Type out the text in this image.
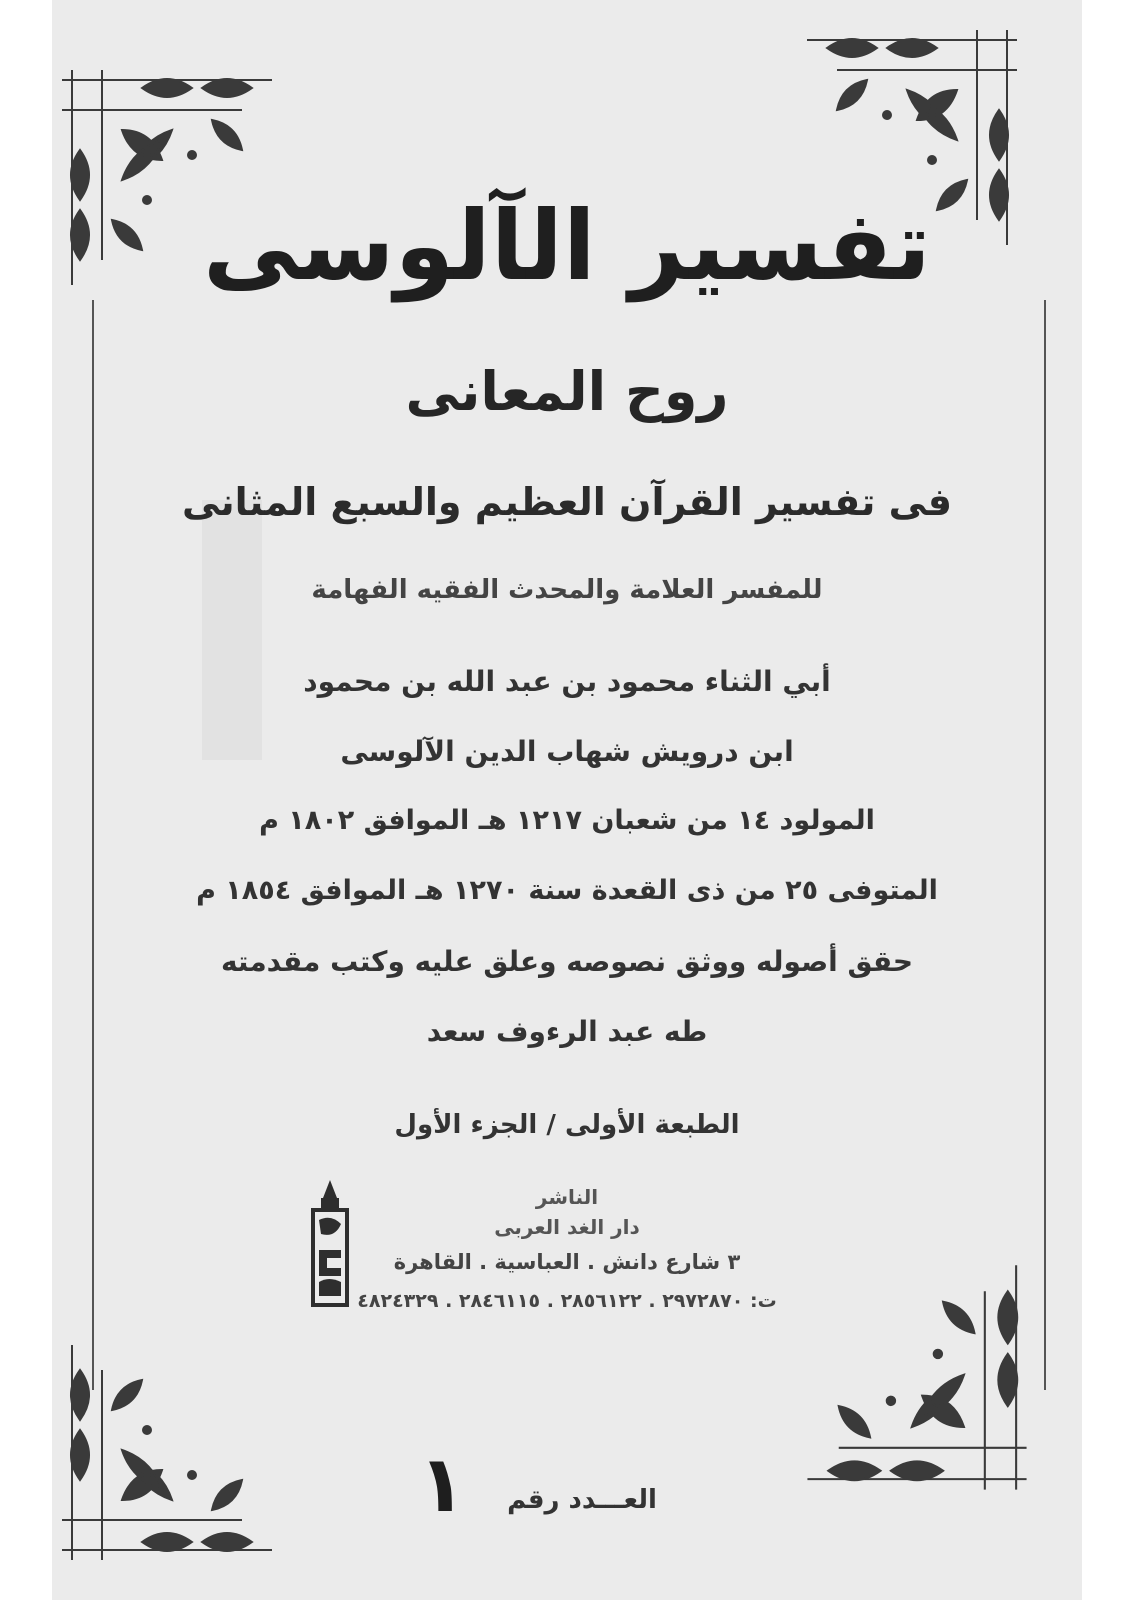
تفسير الآلوسى
روح المعانى
فى تفسير القرآن العظيم والسبع المثانى
للمفسر العلامة والمحدث الفقيه الفهامة
أبي الثناء محمود بن عبد الله بن محمود
ابن درويش شهاب الدين الآلوسى
المولود ١٤ من شعبان ١٢١٧ هـ الموافق ١٨٠٢ م
المتوفى ٢٥ من ذى القعدة سنة ١٢٧٠ هـ الموافق ١٨٥٤ م
حقق أصوله ووثق نصوصه وعلق عليه وكتب مقدمته
طه عبد الرءوف سعد
الطبعة الأولى / الجزء الأول
الناشر
دار الغد العربى
٣ شارع دانش . العباسية . القاهرة
ت: ٢٩٧٢٨٧٠ . ٢٨٥٦١٢٢ . ٢٨٤٦١١٥ . ٤٨٢٤٣٢٩
العـــدد رقم
١
